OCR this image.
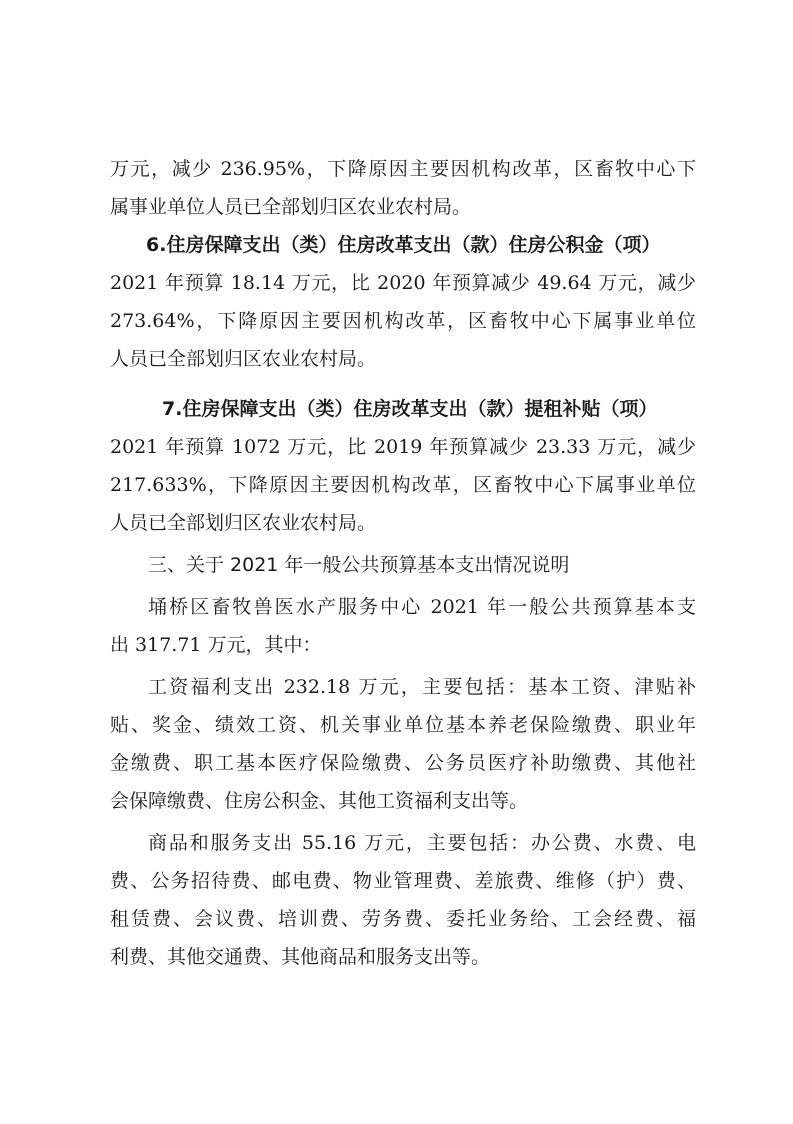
万元，减少 236.95%，下降原因主要因机构改革，区畜牧中心下
属事业单位人员已全部划归区农业农村局。
6.住房保障支出（类）住房改革支出（款）住房公积金（项）
2021 年预算 18.14 万元，比 2020 年预算减少 49.64 万元，减少
273.64%，下降原因主要因机构改革，区畜牧中心下属事业单位
人员已全部划归区农业农村局。
7.住房保障支出（类）住房改革支出（款）提租补贴（项）
2021 年预算 1072 万元，比 2019 年预算减少 23.33 万元，减少
217.633%，下降原因主要因机构改革，区畜牧中心下属事业单位
人员已全部划归区农业农村局。
三、关于 2021 年一般公共预算基本支出情况说明
埇桥区畜牧兽医水产服务中心 2021 年一般公共预算基本支
出 317.71 万元，其中：
工资福利支出 232.18 万元，主要包括：基本工资、津贴补
贴、奖金、绩效工资、机关事业单位基本养老保险缴费、职业年
金缴费、职工基本医疗保险缴费、公务员医疗补助缴费、其他社
会保障缴费、住房公积金、其他工资福利支出等。
商品和服务支出 55.16 万元，主要包括：办公费、水费、电
费、公务招待费、邮电费、物业管理费、差旅费、维修（护）费、
租赁费、会议费、培训费、劳务费、委托业务给、工会经费、福
利费、其他交通费、其他商品和服务支出等。
